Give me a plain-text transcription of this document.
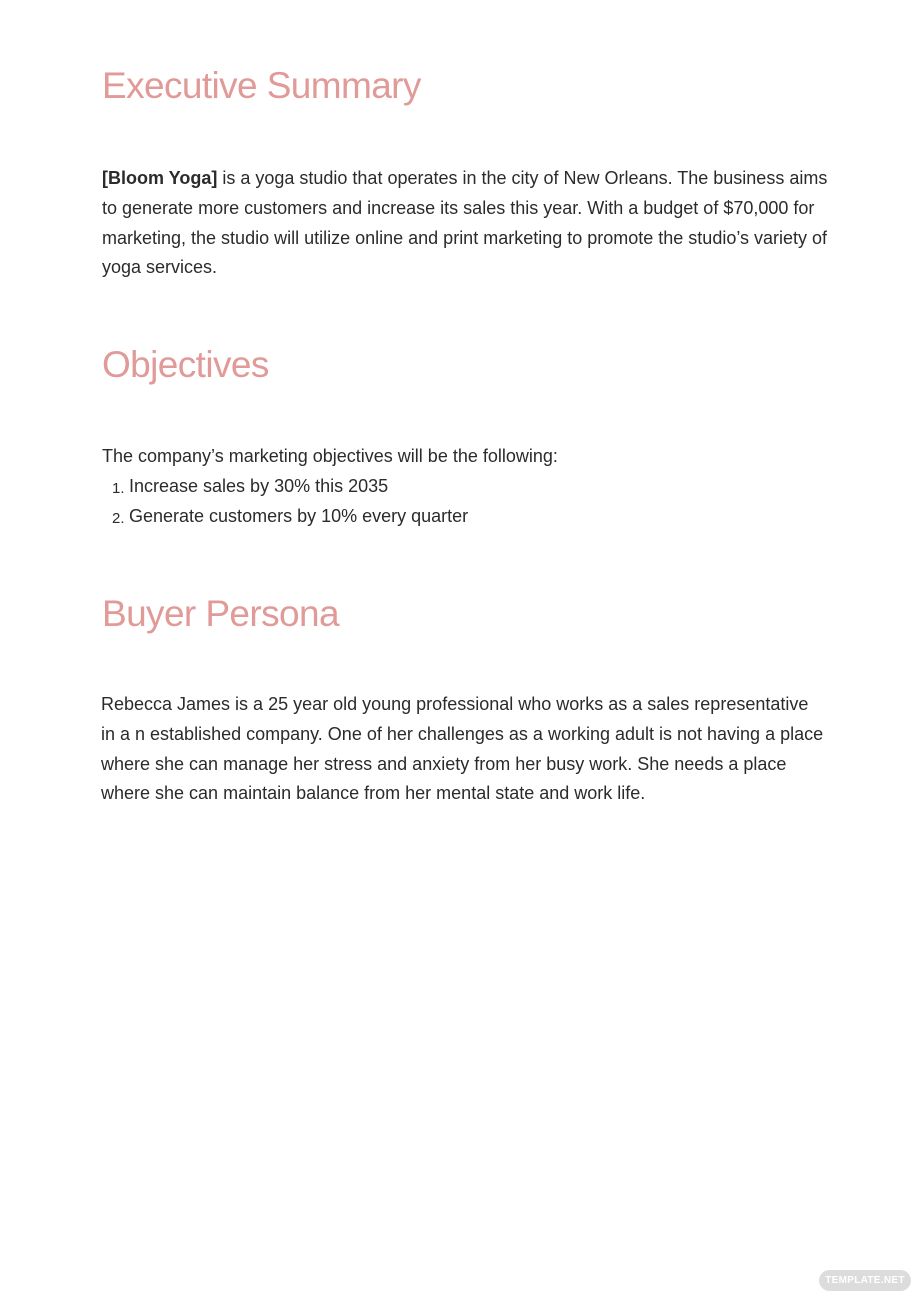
Executive Summary

[Bloom Yoga] is a yoga studio that operates in the city of New Orleans. The business aims to generate more customers and increase its sales this year. With a budget of $70,000 for marketing, the studio will utilize online and print marketing to promote the studio’s variety of yoga services.

Objectives

The company’s marketing objectives will be the following:

1. Increase sales by 30% this 2035
2. Generate customers by 10% every quarter
Buyer Persona

Rebecca James is a 25 year old young professional who works as a sales representative in a n established company. One of her challenges as a working adult is not having a place where she can manage her stress and anxiety from her busy work. She needs a place where she can maintain balance from her mental state and work life.

TEMPLATE.NET
